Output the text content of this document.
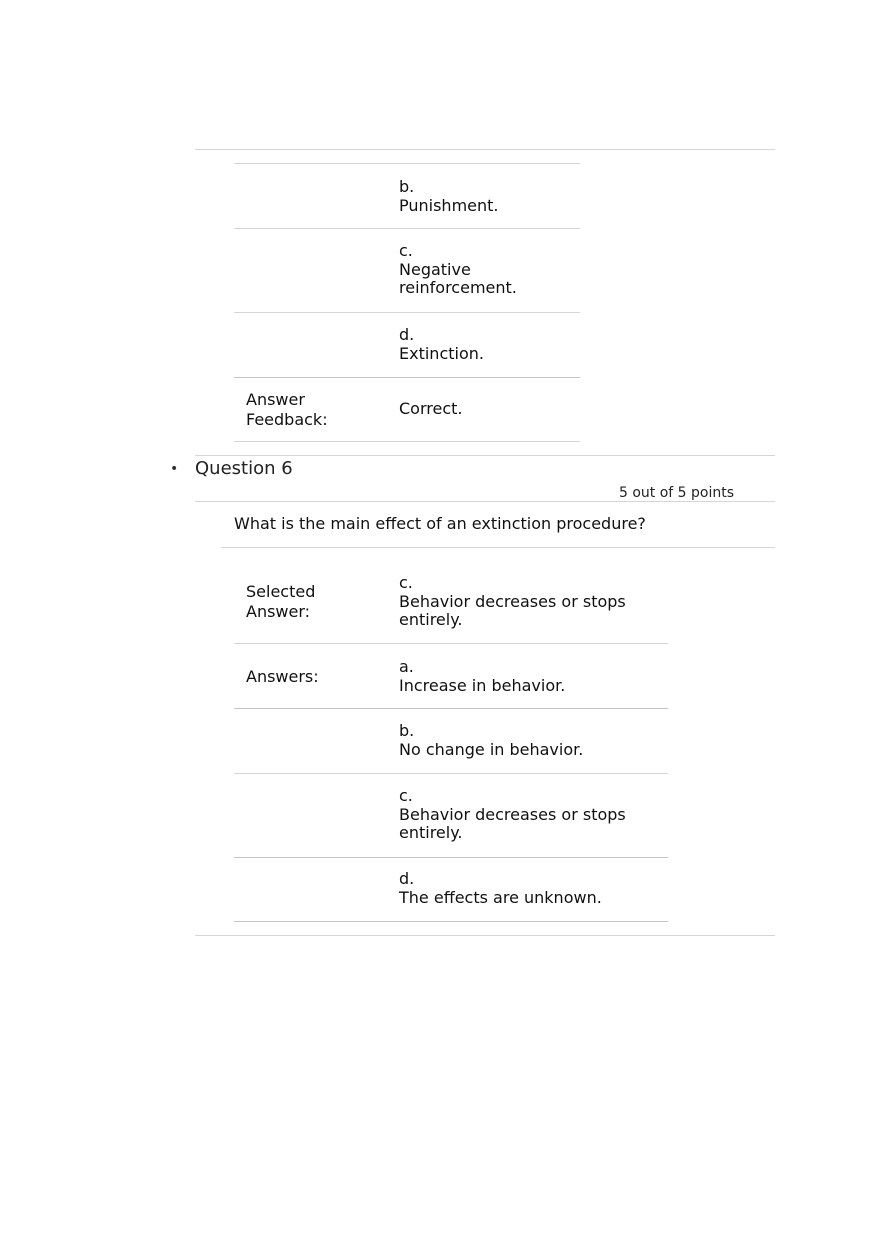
b.
Punishment.
c.
Negative reinforcement.
d.
Extinction.
Answer Feedback:
Correct.
• Question 6
5 out of 5 points
What is the main effect of an extinction procedure?
Selected Answer:
c.
Behavior decreases or stops entirely.
Answers:
a.
Increase in behavior.
b.
No change in behavior.
c.
Behavior decreases or stops entirely.
d.
The effects are unknown.
